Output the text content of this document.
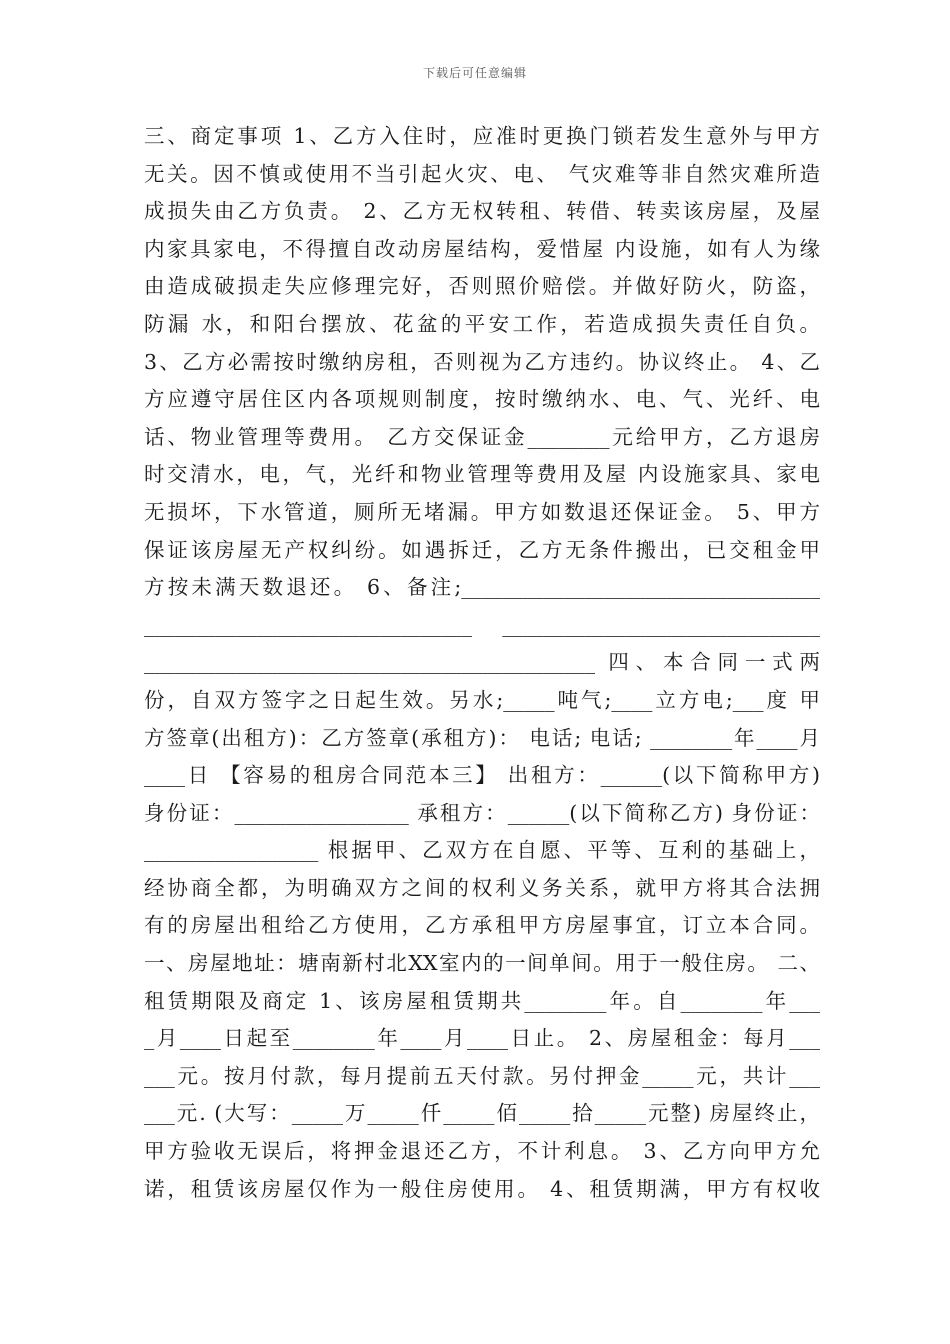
下载后可任意编辑
三、商定事项 1、乙方入住时，应准时更换门锁若发生意外与甲方
无关。因不慎或使用不当引起火灾、电、 气灾难等非自然灾难所造
成损失由乙方负责。 2、乙方无权转租、转借、转卖该房屋，及屋
内家具家电，不得擅自改动房屋结构，爱惜屋 内设施，如有人为缘
由造成破损走失应修理完好，否则照价赔偿。并做好防火，防盗，
防漏 水，和阳台摆放、花盆的平安工作，若造成损失责任自负。
3、乙方必需按时缴纳房租，否则视为乙方违约。协议终止。 4、乙
方应遵守居住区内各项规则制度，按时缴纳水、电、气、光纤、电
话、物业管理等费用。 乙方交保证金________元给甲方，乙方退房
时交清水，电，气，光纤和物业管理等费用及屋 内设施家具、家电
无损坏，下水管道，厕所无堵漏。甲方如数退还保证金。 5、甲方
保证该房屋无产权纠纷。如遇拆迁，乙方无条件搬出，已交租金甲
方按未满天数退还。 6、备注;___________________________________
________________________________ _______________________________
____________________________________________ 四、本合同一式两
份，自双方签字之日起生效。另水;_____吨气;____立方电;___度 甲
方签章(出租方)：乙方签章(承租方)： 电话; 电话; ________年____月
____日 【容易的租房合同范本三】 出租方：______(以下简称甲方)
身份证：_________________ 承租方：______(以下简称乙方) 身份证：
_________________ 根据甲、乙双方在自愿、平等、互利的基础上，
经协商全都，为明确双方之间的权利义务关系，就甲方将其合法拥
有的房屋出租给乙方使用，乙方承租甲方房屋事宜，订立本合同。
一、房屋地址：塘南新村北XX室内的一间单间。用于一般住房。 二、
租赁期限及商定 1、该房屋租赁期共________年。自________年___
_月____日起至________年____月____日止。 2、房屋租金：每月___
___元。按月付款，每月提前五天付款。另付押金_____元，共计___
___元. (大写：_____万_____仟_____佰_____拾_____元整) 房屋终止，
甲方验收无误后，将押金退还乙方，不计利息。 3、乙方向甲方允
诺，租赁该房屋仅作为一般住房使用。 4、租赁期满，甲方有权收
